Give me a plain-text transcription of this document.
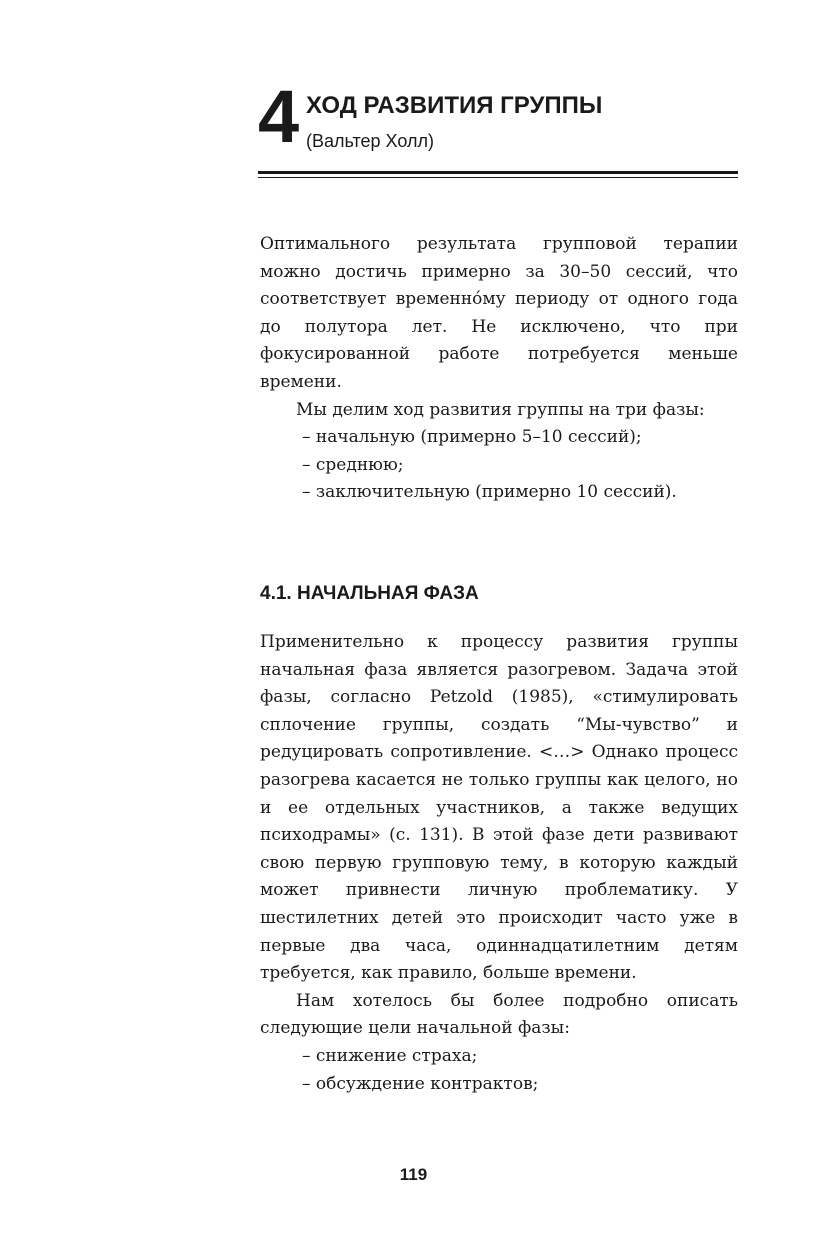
4 ХОД РАЗВИТИЯ ГРУППЫ
(Вальтер Холл)

Оптимального результата групповой терапии можно достичь примерно за 30–50 сессий, что соответствует временно́му периоду от одного года до полутора лет. Не исключено, что при фокусированной работе потребуется меньше времени.

Мы делим ход развития группы на три фазы:

– начальную (примерно 5–10 сессий);

– среднюю;

– заключительную (примерно 10 сессий).

4.1. НАЧАЛЬНАЯ ФАЗА

Применительно к процессу развития группы начальная фаза является разогревом. Задача этой фазы, согласно Petzold (1985), «стимулировать сплочение группы, создать “Мы-чувство” и редуцировать сопротивление. <…> Однако процесс разогрева касается не только группы как целого, но и ее отдельных участников, а также ведущих психодрамы» (с. 131). В этой фазе дети развивают свою первую групповую тему, в которую каждый может привнести личную проблематику. У шестилетних детей это происходит часто уже в первые два часа, одиннадцатилетним детям требуется, как правило, больше времени.

Нам хотелось бы более подробно описать следующие цели начальной фазы:

– снижение страха;

– обсуждение контрактов;

119
